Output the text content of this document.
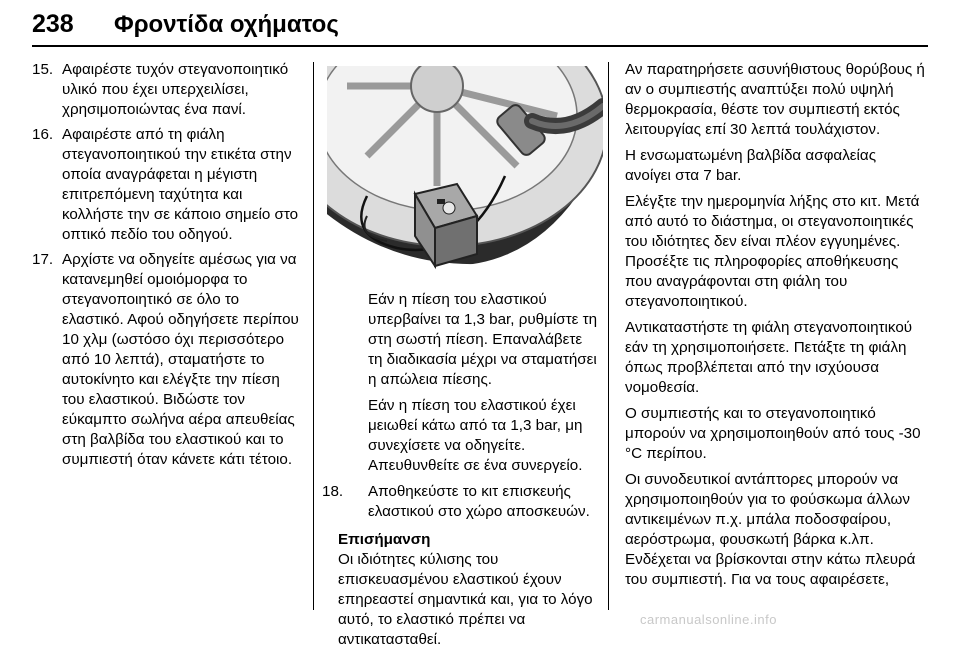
238 Φροντίδα οχήματος
15. Αφαιρέστε τυχόν στεγανοποιητικό υλικό που έχει υπερχειλίσει, χρησιμοποιώντας ένα πανί.
16. Αφαιρέστε από τη φιάλη στεγανοποιητικού την ετικέτα στην οποία αναγράφεται η μέγιστη επιτρεπόμενη ταχύτητα και κολλήστε την σε κάποιο σημείο στο οπτικό πεδίο του οδηγού.
17. Αρχίστε να οδηγείτε αμέσως για να κατανεμηθεί ομοιόμορφα το στεγανοποιητικό σε όλο το ελαστικό. Αφού οδηγήσετε περίπου 10 χλμ (ωστόσο όχι περισσότερο από 10 λεπτά), σταματήστε το αυτοκίνητο και ελέγξτε την πίεση του ελαστικού. Βιδώστε τον εύκαμπτο σωλήνα αέρα απευθείας στη βαλβίδα του ελαστικού και το συμπιεστή όταν κάνετε κάτι τέτοιο.

Εάν η πίεση του ελαστικού υπερβαίνει τα 1,3 bar, ρυθμίστε τη στη σωστή πίεση. Επαναλάβετε τη διαδικασία μέχρι να σταματήσει η απώλεια πίεσης.

Εάν η πίεση του ελαστικού έχει μειωθεί κάτω από τα 1,3 bar, μη συνεχίσετε να οδηγείτε. Απευθυνθείτε σε ένα συνεργείο.

18.	Αποθηκεύστε το κιτ επισκευής ελαστικού στο χώρο αποσκευών.

Επισήμανση

Οι ιδιότητες κύλισης του επισκευασμένου ελαστικού έχουν επηρεαστεί σημαντικά και, για το λόγο αυτό, το ελαστικό πρέπει να αντικατασταθεί.

Αν παρατηρήσετε ασυνήθιστους θορύβους ή αν ο συμπιεστής αναπτύξει πολύ υψηλή θερμοκρασία, θέστε τον συμπιεστή εκτός λειτουργίας επί 30 λεπτά τουλάχιστον.

Η ενσωματωμένη βαλβίδα ασφαλείας ανοίγει στα 7 bar.

Ελέγξτε την ημερομηνία λήξης στο κιτ. Μετά από αυτό το διάστημα, οι στεγανοποιητικές του ιδιότητες δεν είναι πλέον εγγυημένες. Προσέξτε τις πληροφορίες αποθήκευσης που αναγράφονται στη φιάλη του στεγανοποιητικού.

Αντικαταστήστε τη φιάλη στεγανοποιητικού εάν τη χρησιμοποιήσετε. Πετάξτε τη φιάλη όπως προβλέπεται από την ισχύουσα νομοθεσία.

Ο συμπιεστής και το στεγανοποιητικό μπορούν να χρησιμοποιηθούν από τους -30 °C περίπου.

Οι συνοδευτικοί αντάπτορες μπορούν να χρησιμοποιηθούν για το φούσκωμα άλλων αντικειμένων π.χ. μπάλα ποδοσφαίρου, αερόστρωμα, φουσκωτή βάρκα κ.λπ. Ενδέχεται να βρίσκονται στην κάτω πλευρά του συμπιεστή. Για να τους αφαιρέσετε,

carmanualsonline.info
